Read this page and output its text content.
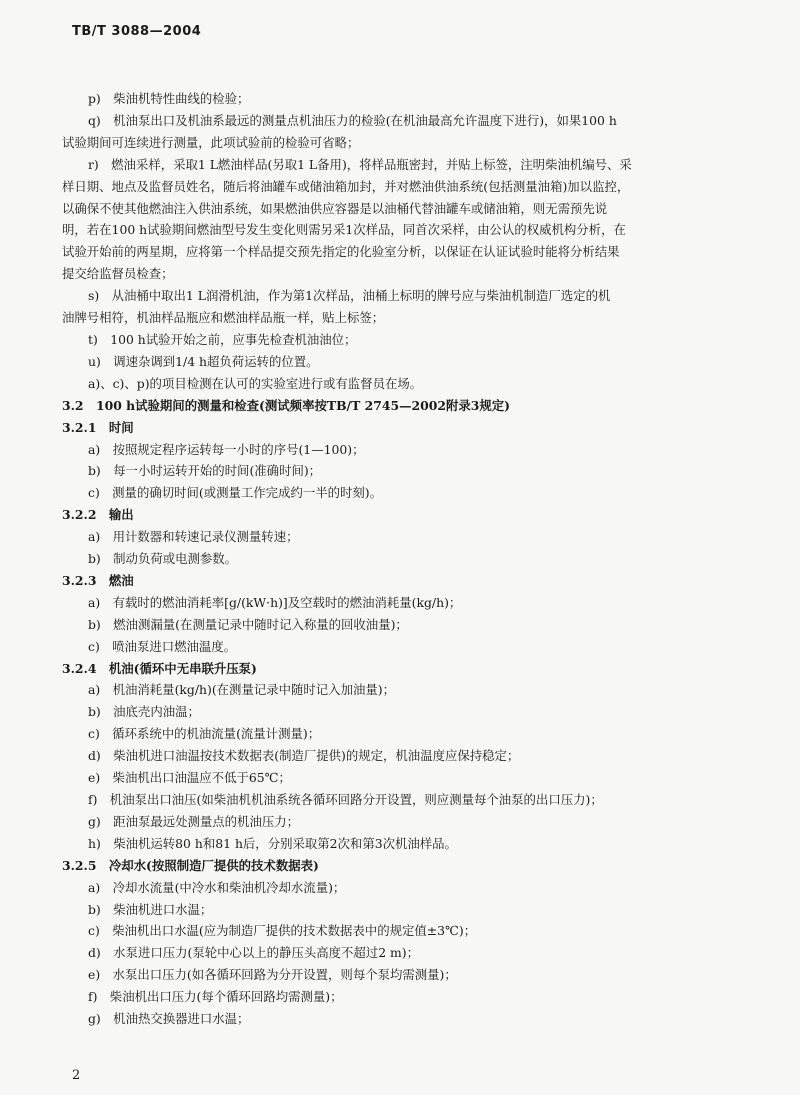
TB/T 3088—2004
p)　柴油机特性曲线的检验；
q)　机油泵出口及机油系最远的测量点机油压力的检验(在机油最高允许温度下进行)，如果100 h
试验期间可连续进行测量，此项试验前的检验可省略；
r)　燃油采样，采取1 L燃油样品(另取1 L备用)，将样品瓶密封，并贴上标签，注明柴油机编号、采
样日期、地点及监督员姓名，随后将油罐车或储油箱加封，并对燃油供油系统(包括测量油箱)加以监控，
以确保不使其他燃油注入供油系统，如果燃油供应容器是以油桶代替油罐车或储油箱，则无需预先说
明，若在100 h试验期间燃油型号发生变化则需另采1次样品，同首次采样，由公认的权威机构分析，在
试验开始前的两星期，应将第一个样品提交预先指定的化验室分析，以保证在认证试验时能将分析结果
提交给监督员检查；
s)　从油桶中取出1 L润滑机油，作为第1次样品，油桶上标明的牌号应与柴油机制造厂选定的机
油牌号相符，机油样品瓶应和燃油样品瓶一样，贴上标签；
t)　100 h试验开始之前，应事先检查机油油位；
u)　调速杂调到1/4 h超负荷运转的位置。
a)、c)、p)的项目检测在认可的实验室进行或有监督员在场。
3.2　100 h试验期间的测量和检查(测试频率按TB/T 2745—2002附录3规定)
3.2.1　时间
a)　按照规定程序运转每一小时的序号(1—100)；
b)　每一小时运转开始的时间(准确时间)；
c)　测量的确切时间(或测量工作完成约一半的时刻)。
3.2.2　输出
a)　用计数器和转速记录仪测量转速；
b)　制动负荷或电测参数。
3.2.3　燃油
a)　有载时的燃油消耗率[g/(kW·h)]及空载时的燃油消耗量(kg/h)；
b)　燃油测漏量(在测量记录中随时记入称量的回收油量)；
c)　喷油泵进口燃油温度。
3.2.4　机油(循环中无串联升压泵)
a)　机油消耗量(kg/h)(在测量记录中随时记入加油量)；
b)　油底壳内油温；
c)　循环系统中的机油流量(流量计测量)；
d)　柴油机进口油温按技术数据表(制造厂提供)的规定，机油温度应保持稳定；
e)　柴油机出口油温应不低于65℃；
f)　机油泵出口油压(如柴油机机油系统各循环回路分开设置，则应测量每个油泵的出口压力)；
g)　距油泵最远处测量点的机油压力；
h)　柴油机运转80 h和81 h后，分别采取第2次和第3次机油样品。
3.2.5　冷却水(按照制造厂提供的技术数据表)
a)　冷却水流量(中冷水和柴油机冷却水流量)；
b)　柴油机进口水温；
c)　柴油机出口水温(应为制造厂提供的技术数据表中的规定值±3℃)；
d)　水泵进口压力(泵轮中心以上的静压头高度不超过2 m)；
e)　水泵出口压力(如各循环回路为分开设置，则每个泵均需测量)；
f)　柴油机出口压力(每个循环回路均需测量)；
g)　机油热交换器进口水温；
2
